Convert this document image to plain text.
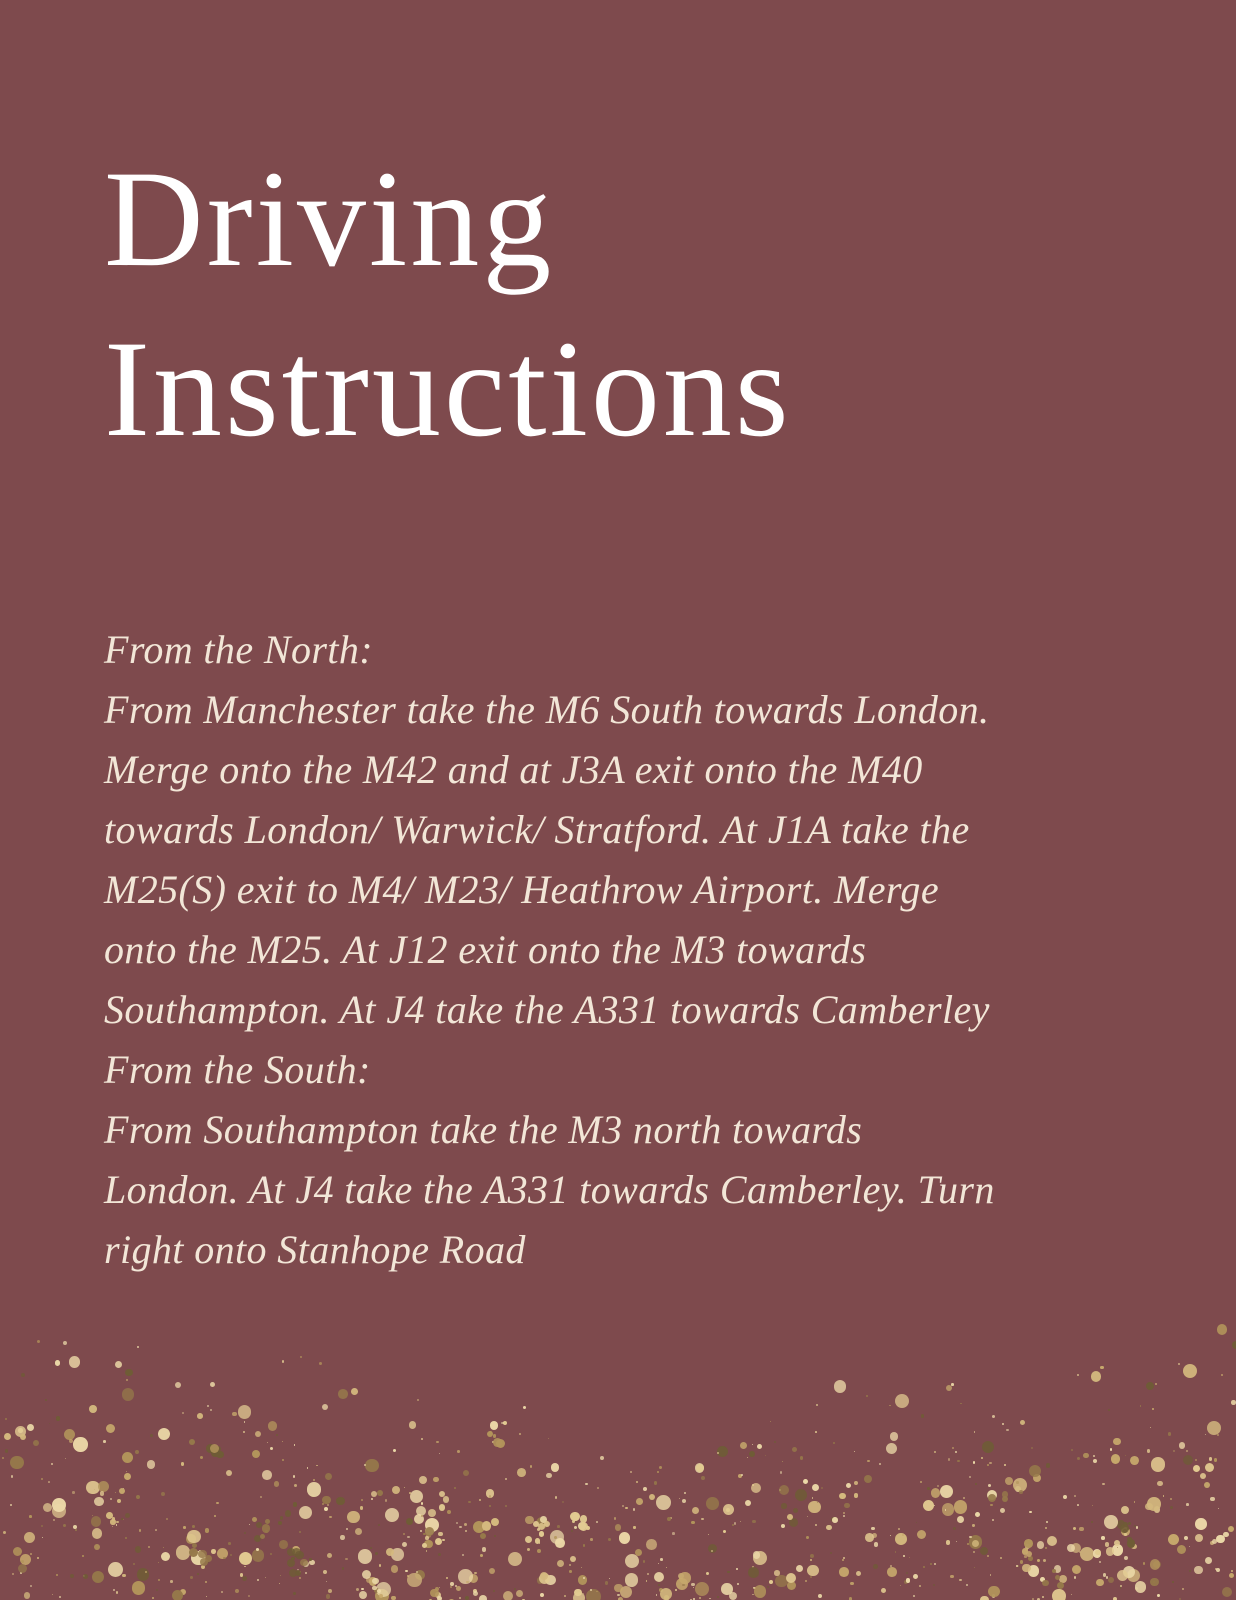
Driving
Instructions
From the North:
From Manchester take the M6 South towards London.
Merge onto the M42 and at J3A exit onto the M40
towards London/ Warwick/ Stratford. At J1A take the
M25(S) exit to M4/ M23/ Heathrow Airport. Merge
onto the M25. At J12 exit onto the M3 towards
Southampton. At J4 take the A331 towards Camberley
From the South:
From Southampton take the M3 north towards
London. At J4 take the A331 towards Camberley. Turn
right onto Stanhope Road
